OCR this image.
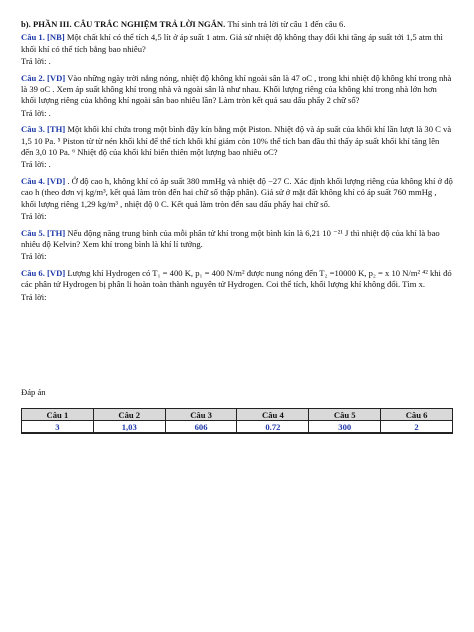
b). PHẦN III. CÂU TRẮC NGHIỆM TRẢ LỜI NGẮN. Thí sinh trả lời từ câu 1 đến câu 6.

Câu 1. [NB] Một chất khí có thể tích 4,5 lít ở áp suất 1 atm. Giả sử nhiệt độ không thay đổi khi tăng áp suất tới 1,5 atm thì khối khí có thể tích bằng bao nhiêu?

Trả lời: .

Câu 2. [VD] Vào những ngày trời nắng nóng, nhiệt độ không khí ngoài sân là 47 oC , trong khi nhiệt độ không khí trong nhà là 39 oC . Xem áp suất không khí trong nhà và ngoài sân là như nhau. Khối lượng riêng của không khí trong nhà lớn hơn khối lượng riêng của không khí ngoài sân bao nhiêu lần? Làm tròn kết quả sau dấu phẩy 2 chữ số?

Trả lời: .

Câu 3. [TH] Một khối khí chứa trong một bình đậy kín bằng một Piston. Nhiệt độ và áp suất của khối khí lần lượt là 30 C và 1,5 10 Pa. ⁵ Piston từ từ nén khối khí để thể tích khối khí giảm còn 10% thể tích ban đầu thì thấy áp suất khối khí tăng lên đến 3,0 10 Pa. ⁶ Nhiệt độ của khối khí biến thiên một lượng bao nhiêu oC?

Trả lời: .

Câu 4. [VD] . Ở độ cao h, không khí có áp suất 380 mmHg và nhiệt độ −27 C. Xác định khối lượng riêng của không khí ở độ cao h (theo đơn vị kg/m³, kết quả làm tròn đến hai chữ số thập phân). Giả sử ở mặt đất không khí có áp suất 760 mmHg , khối lượng riêng 1,29 kg/m³ , nhiệt độ 0 C. Kết quả làm tròn đến sau dấu phẩy hai chữ số.

Trả lời:

Câu 5. [TH] Nếu động năng trung bình của mỗi phân tử khí trong một bình kín là 6,21 10 ⁻²¹ J thì nhiệt độ của khí là bao nhiêu độ Kelvin? Xem khí trong bình là khí lí tưởng.

Trả lời:

Câu 6. [VD] Lượng khí Hydrogen có T₁ = 400 K, p₁ = 400 N/m² được nung nóng đến T₂ =10000 K, p₂ = x 10 N/m² ⁴² khi đó các phân tử Hydrogen bị phân li hoàn toàn thành nguyên tử Hydrogen. Coi thể tích, khối lượng khí không đổi. Tìm x.

Trả lời:

Đáp án
Câu 1	Câu 2	Câu 3	Câu 4	Câu 5	Câu 6
3	1,03	606	0.72	300	2
